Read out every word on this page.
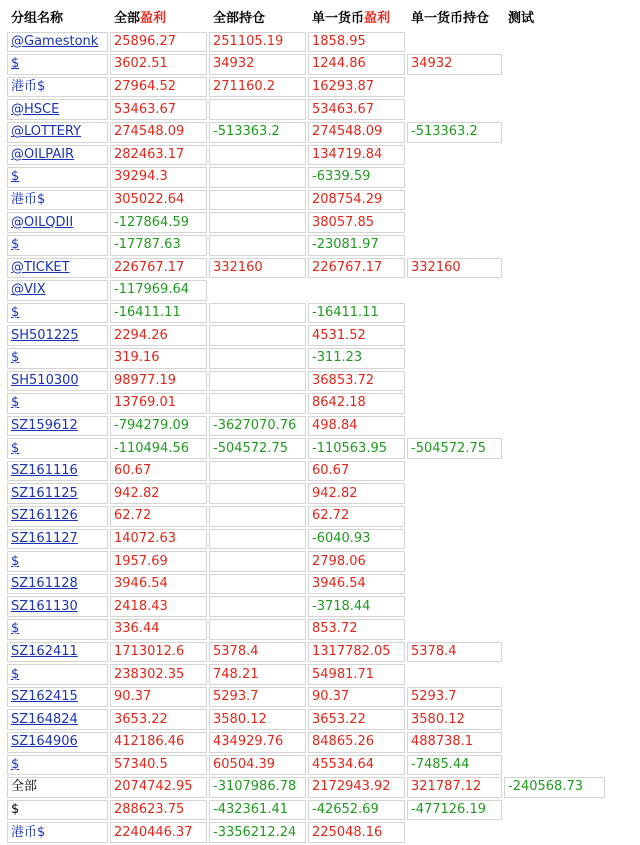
分组名称	全部盈利	全部持仓	单一货币盈利	单一货币持仓	测试
@Gamestonk	25896.27	251105.19	1858.95		
$	3602.51	34932	1244.86	34932	
港币$	27964.52	271160.2	16293.87		
@HSCE	53463.67		53463.67		
@LOTTERY	274548.09	-513363.2	274548.09	-513363.2	
@OILPAIR	282463.17		134719.84		
$	39294.3		-6339.59		
港币$	305022.64		208754.29		
@OILQDII	-127864.59		38057.85		
$	-17787.63		-23081.97		
@TICKET	226767.17	332160	226767.17	332160	
@VIX	-117969.64				
$	-16411.11		-16411.11		
SH501225	2294.26		4531.52		
$	319.16		-311.23		
SH510300	98977.19		36853.72		
$	13769.01		8642.18		
SZ159612	-794279.09	-3627070.76	498.84		
$	-110494.56	-504572.75	-110563.95	-504572.75	
SZ161116	60.67		60.67		
SZ161125	942.82		942.82		
SZ161126	62.72		62.72		
SZ161127	14072.63		-6040.93		
$	1957.69		2798.06		
SZ161128	3946.54		3946.54		
SZ161130	2418.43		-3718.44		
$	336.44		853.72		
SZ162411	1713012.6	5378.4	1317782.05	5378.4	
$	238302.35	748.21	54981.71		
SZ162415	90.37	5293.7	90.37	5293.7	
SZ164824	3653.22	3580.12	3653.22	3580.12	
SZ164906	412186.46	434929.76	84865.26	488738.1	
$	57340.5	60504.39	45534.64	-7485.44	
全部	2074742.95	-3107986.78	2172943.92	321787.12	-240568.73
$	288623.75	-432361.41	-42652.69	-477126.19	
港币$	2240446.37	-3356212.24	225048.16		
